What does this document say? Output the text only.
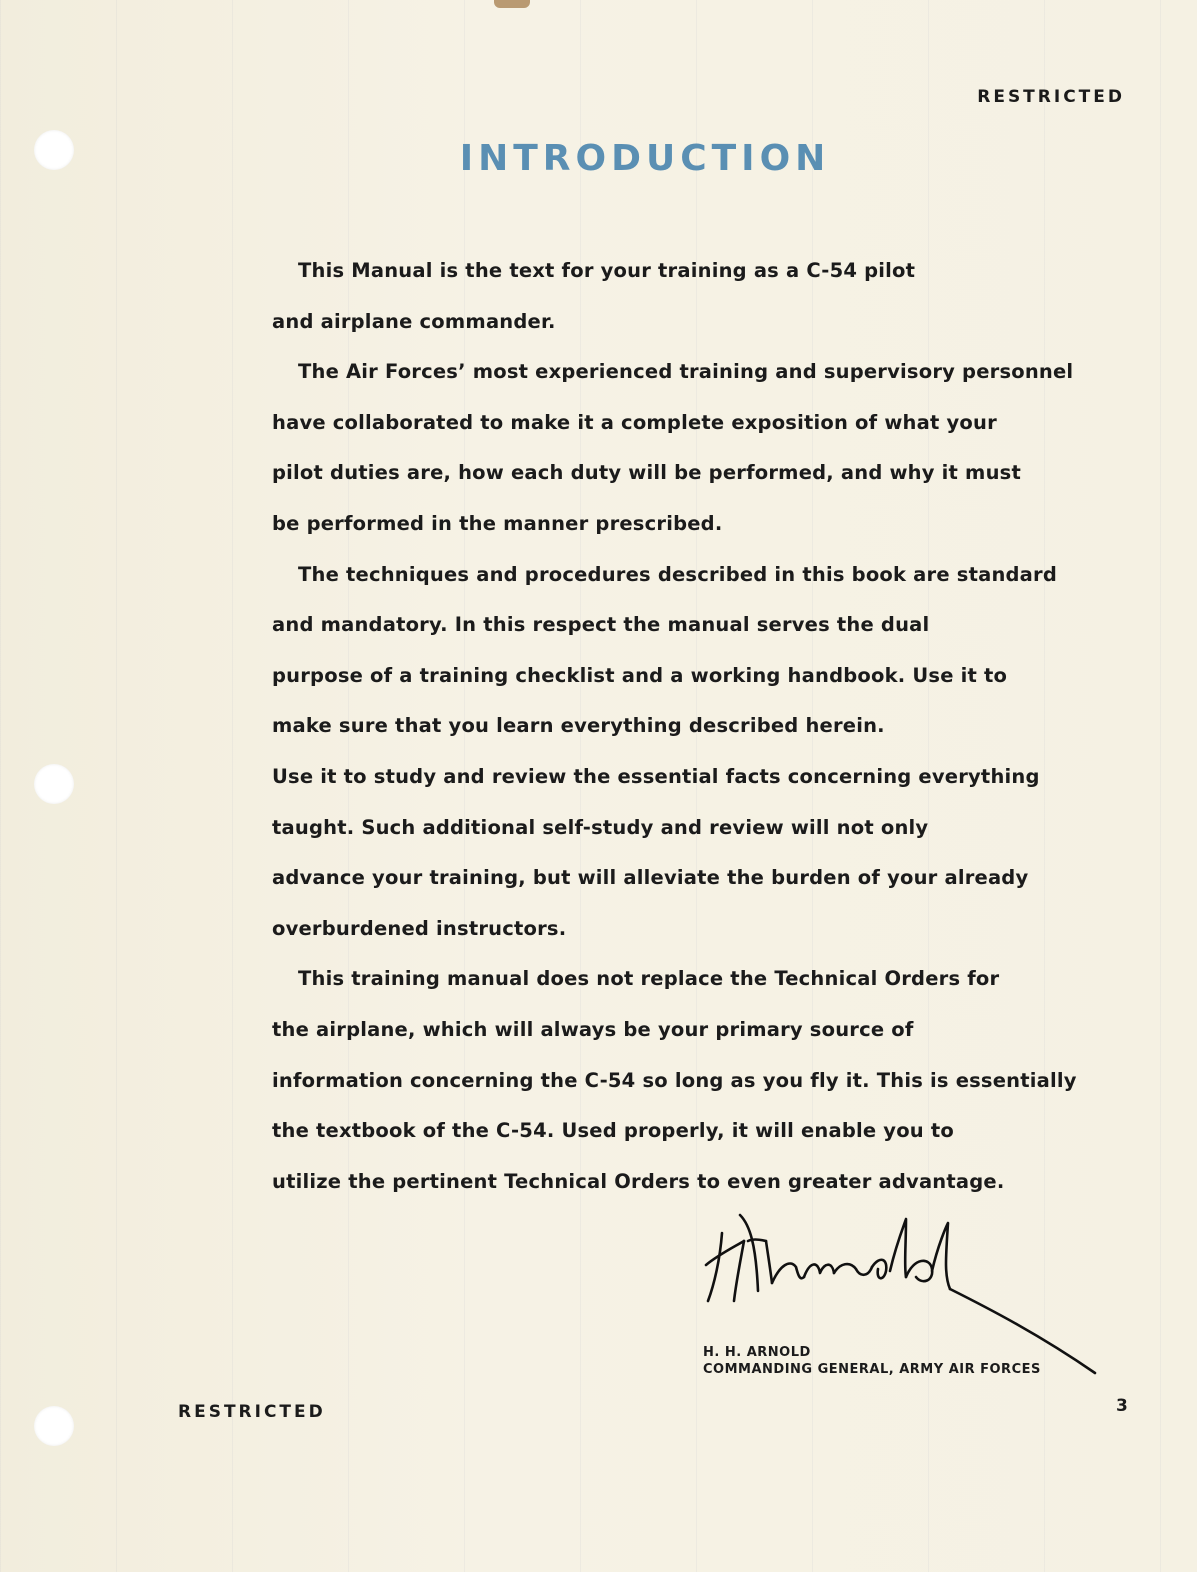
RESTRICTED
INTRODUCTION
This Manual is the text for your training as a C-54 pilot
and airplane commander.
The Air Forces’ most experienced training and supervisory personnel
have collaborated to make it a complete exposition of what your
pilot duties are, how each duty will be performed, and why it must
be performed in the manner prescribed.
The techniques and procedures described in this book are standard
and mandatory. In this respect the manual serves the dual
purpose of a training checklist and a working handbook. Use it to
make sure that you learn everything described herein.
Use it to study and review the essential facts concerning everything
taught. Such additional self-study and review will not only
advance your training, but will alleviate the burden of your already
overburdened instructors.
This training manual does not replace the Technical Orders for
the airplane, which will always be your primary source of
information concerning the C-54 so long as you fly it. This is essentially
the textbook of the C-54. Used properly, it will enable you to
utilize the pertinent Technical Orders to even greater advantage.
H. H. ARNOLD
COMMANDING GENERAL, ARMY AIR FORCES
RESTRICTED	3
